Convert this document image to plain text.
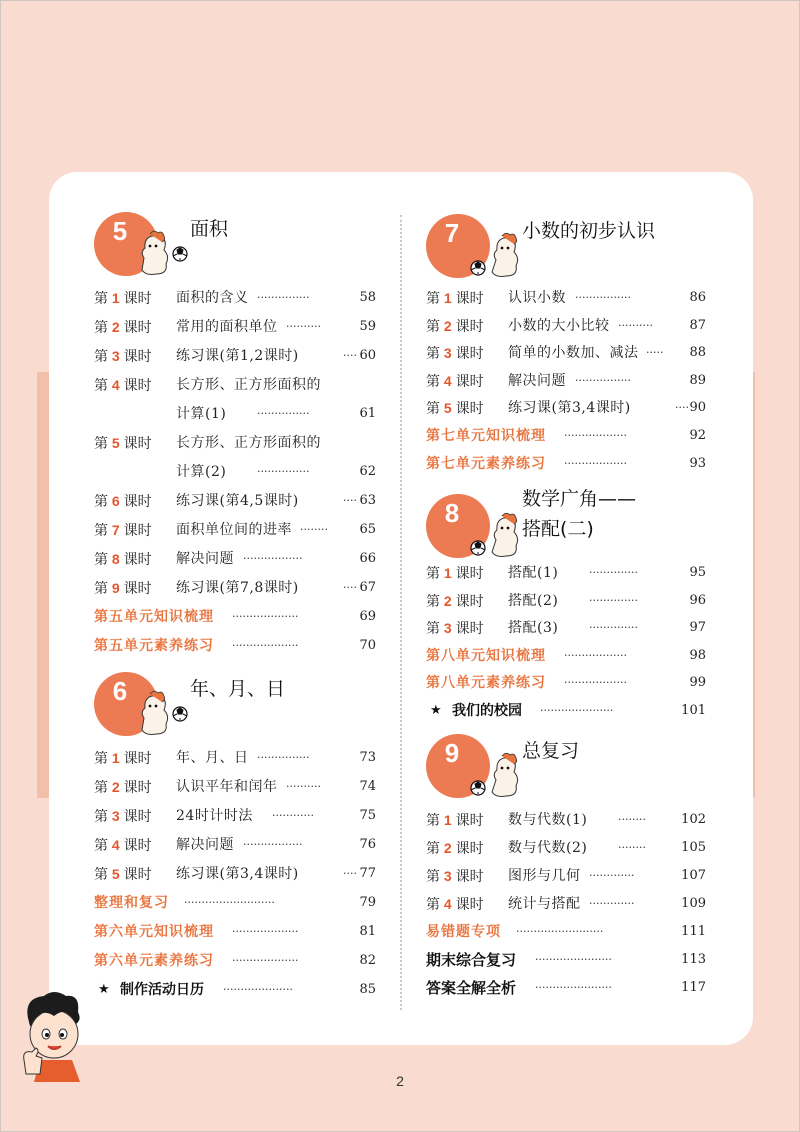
5	面积
第 1 课时 面积的含义	58
···············
第 2 课时 常用的面积单位	59
··········
第 3 课时 练习课(第1,2课时)	60
····
第 4 课时 长方形、正方形面积的
计算(1)	61
···············
第 5 课时 长方形、正方形面积的
计算(2)	62
···············
第 6 课时 练习课(第4,5课时)	63
····
第 7 课时 面积单位间的进率	65
········
第 8 课时 解决问题	66
·················
第 9 课时 练习课(第7,8课时)	67
····
第五单元知识梳理	69
···················
第五单元素养练习	70
···················
6	年、月、日
第 1 课时 年、月、日	73
···············
第 2 课时 认识平年和闰年	74
··········
第 3 课时 24时计时法	75
············
第 4 课时 解决问题	76
·················
第 5 课时 练习课(第3,4课时)	77
····
整理和复习	79
··························
第六单元知识梳理	81
···················
第六单元素养练习	82
···················
★ 制作活动日历	85
····················
7	小数的初步认识
第 1 课时 认识小数	86
················
第 2 课时 小数的大小比较	87
··········
第 3 课时 简单的小数加、减法	88
·····
第 4 课时 解决问题	89
················
第 5 课时 练习课(第3,4课时)	90
····
第七单元知识梳理	92
··················
第七单元素养练习	93
··················
8	数学广角——
搭配(二)
第 1 课时 搭配(1)	95
··············
第 2 课时 搭配(2)	96
··············
第 3 课时 搭配(3)	97
··············
第八单元知识梳理	98
··················
第八单元素养练习	99
··················
★ 我们的校园	101
·····················
9	总复习
第 1 课时 数与代数(1)	102
········
第 2 课时 数与代数(2)	105
········
第 3 课时 图形与几何	107
·············
第 4 课时 统计与搭配	109
·············
易错题专项	111
·························
期末综合复习	113
······················
答案全解全析	117
······················
2
